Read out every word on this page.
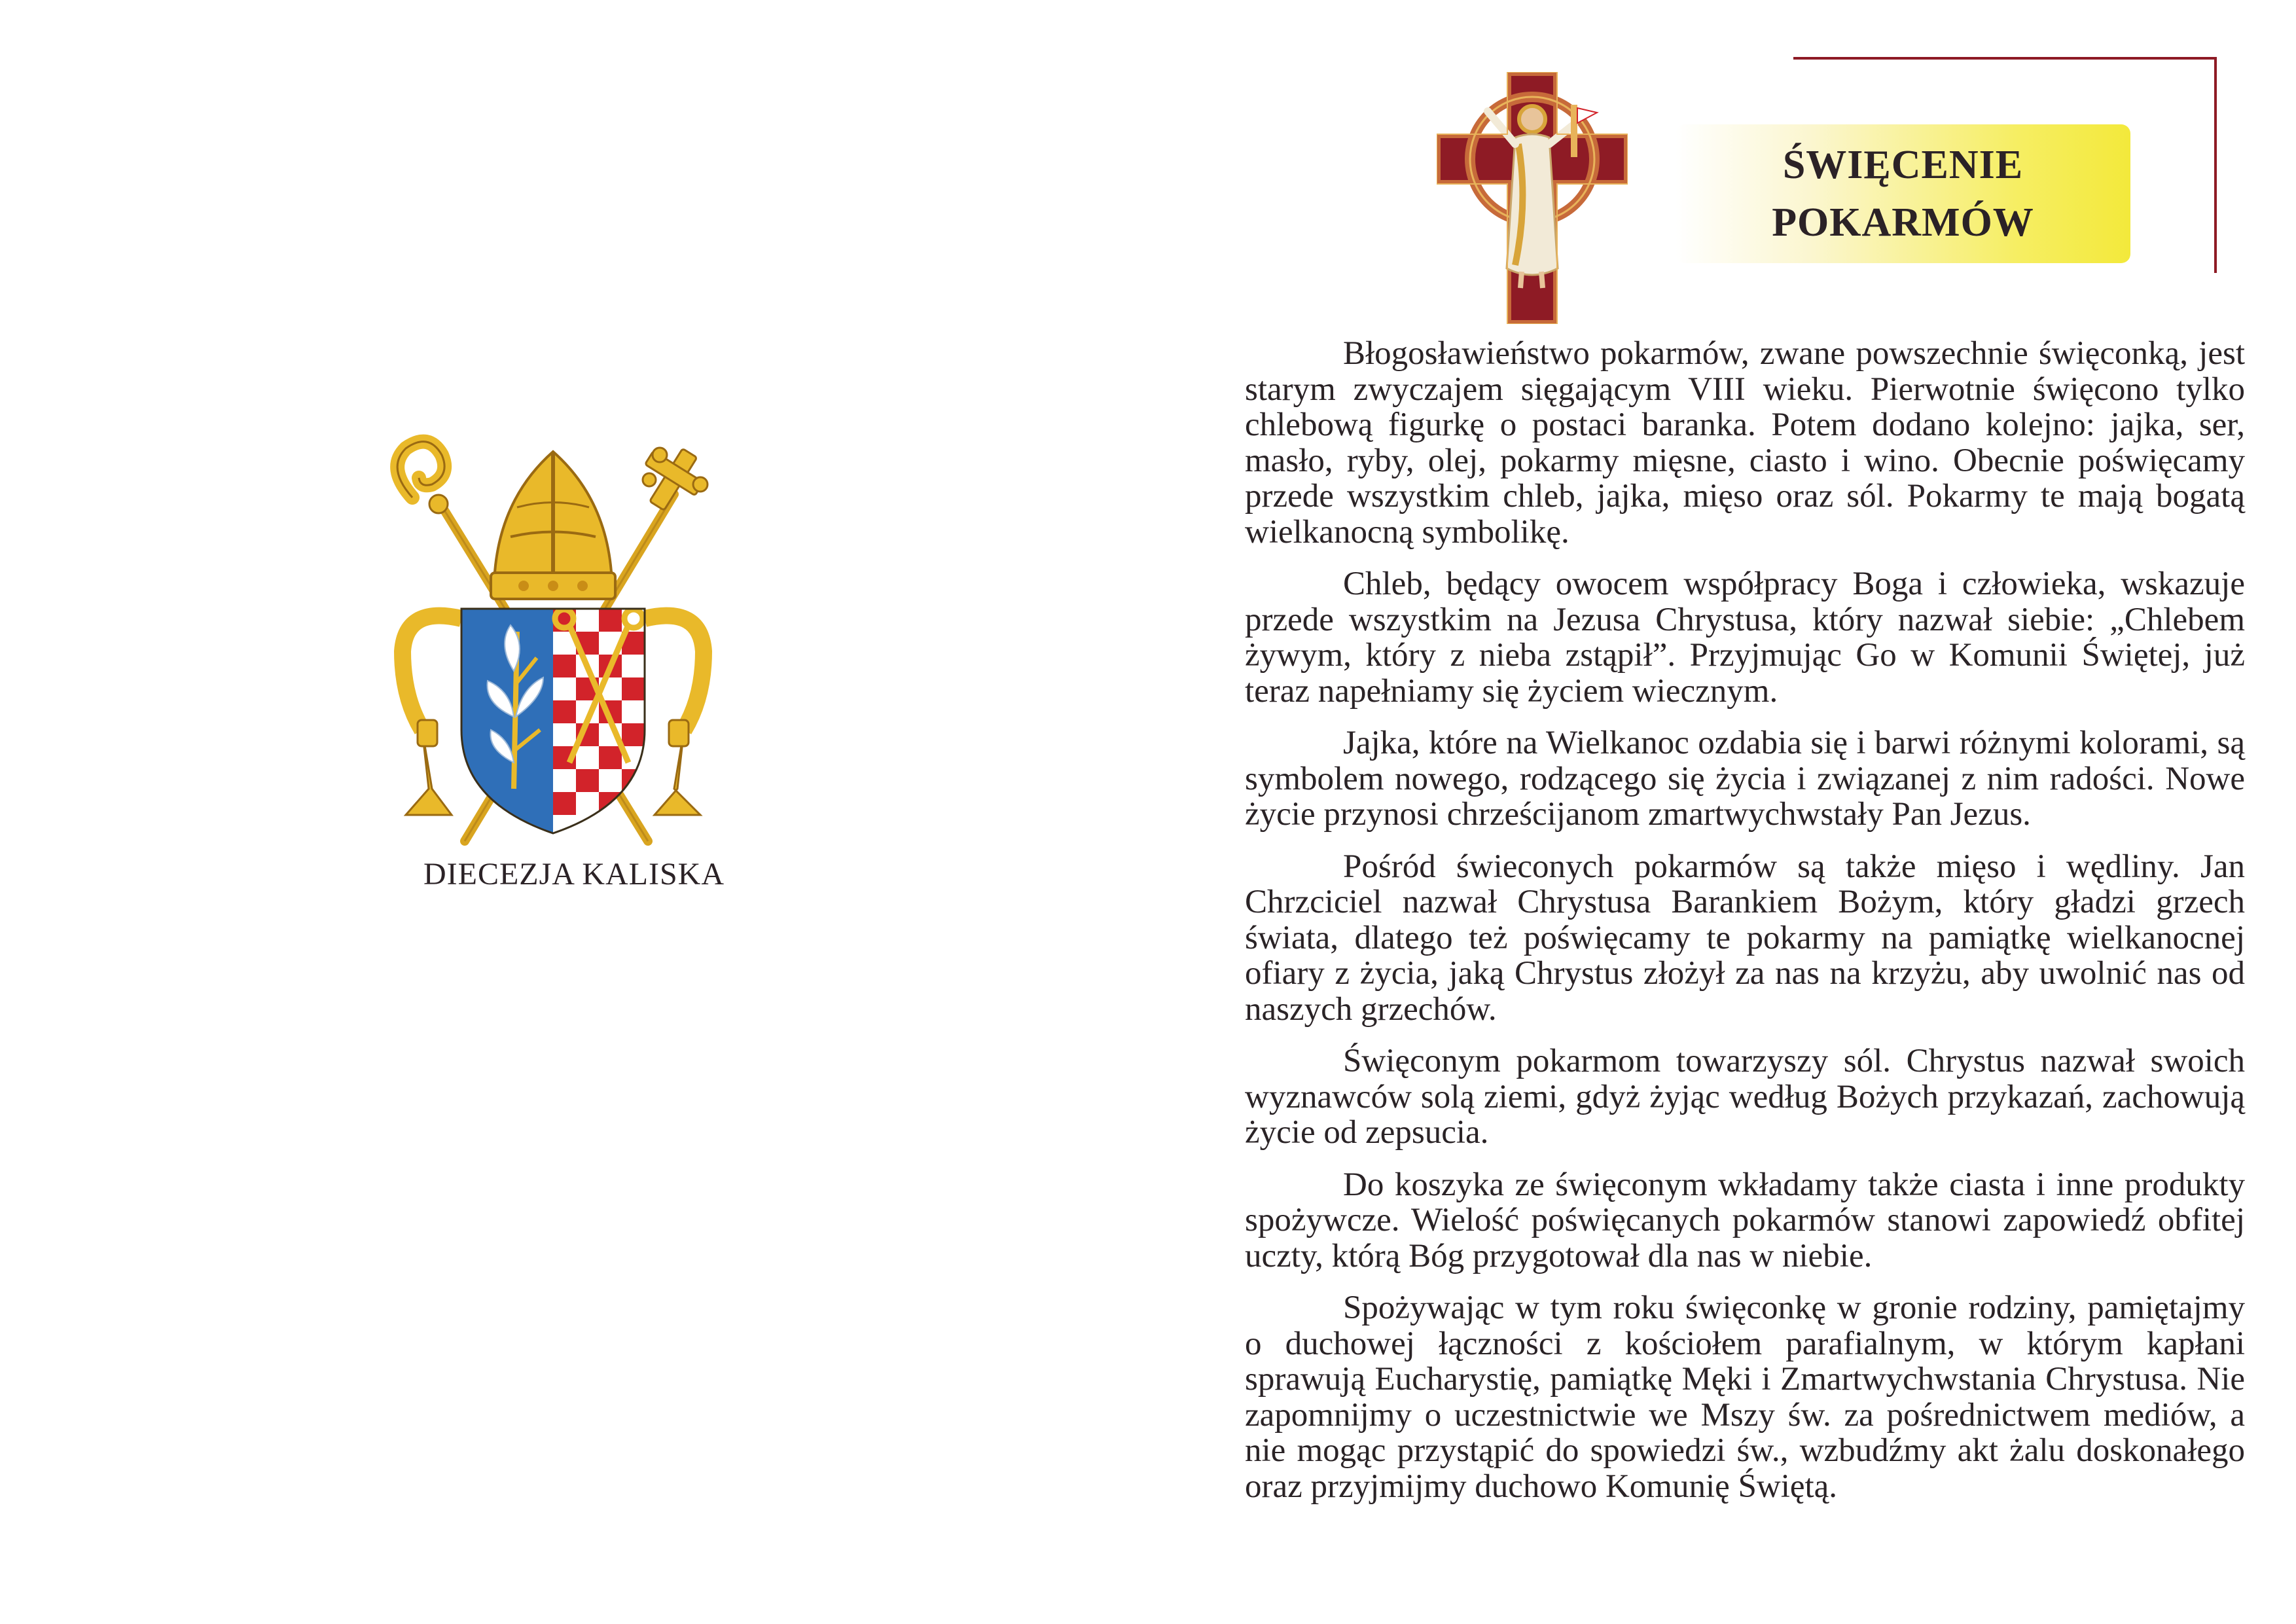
DIECEZJA KALISKA
ŚWIĘCENIE
POKARMÓW

Błogosławieństwo pokarmów, zwane powszechnie święconką, jest starym zwyczajem sięgającym VIII wieku. Pierwotnie święcono tylko chlebową figurkę o postaci baranka. Potem dodano kolejno: jajka, ser, masło, ryby, olej, pokarmy mięsne, ciasto i wino. Obecnie poświęcamy przede wszystkim chleb, jajka, mięso oraz sól. Pokarmy te mają bogatą wielkanocną symbolikę.

Chleb, będący owocem współpracy Boga i człowieka, wskazuje przede wszystkim na Jezusa Chrystusa, który nazwał siebie: „Chlebem żywym, który z nieba zstąpił”. Przyjmując Go w Komunii Świętej, już teraz napełniamy się życiem wiecznym.

Jajka, które na Wielkanoc ozdabia się i barwi różnymi kolorami, są symbolem nowego, rodzącego się życia i związanej z nim radości. Nowe życie przynosi chrześcijanom zmartwychwstały Pan Jezus.

Pośród świeconych pokarmów są także mięso i wędliny. Jan Chrzciciel nazwał Chrystusa Barankiem Bożym, który gładzi grzech świata, dlatego też poświęcamy te pokarmy na pamiątkę wielkanocnej ofiary z życia, jaką Chrystus złożył za nas na krzyżu, aby uwolnić nas od naszych grzechów.

Święconym pokarmom towarzyszy sól. Chrystus nazwał swoich wyznawców solą ziemi, gdyż żyjąc według Bożych przykazań, zachowują życie od zepsucia.

Do koszyka ze święconym wkładamy także ciasta i inne produkty spożywcze. Wielość poświęcanych pokarmów stanowi zapowiedź obfitej uczty, którą Bóg przygotował dla nas w niebie.

Spożywając w tym roku święconkę w gronie rodziny, pamiętajmy o duchowej łączności z kościołem parafialnym, w którym kapłani sprawują Eucharystię, pamiątkę Męki i Zmartwychwstania Chrystusa. Nie zapomnijmy o uczestnictwie we Mszy św. za pośrednictwem mediów, a nie mogąc przystąpić do spowiedzi św., wzbudźmy akt żalu doskonałego oraz przyjmijmy duchowo Komunię Świętą.
